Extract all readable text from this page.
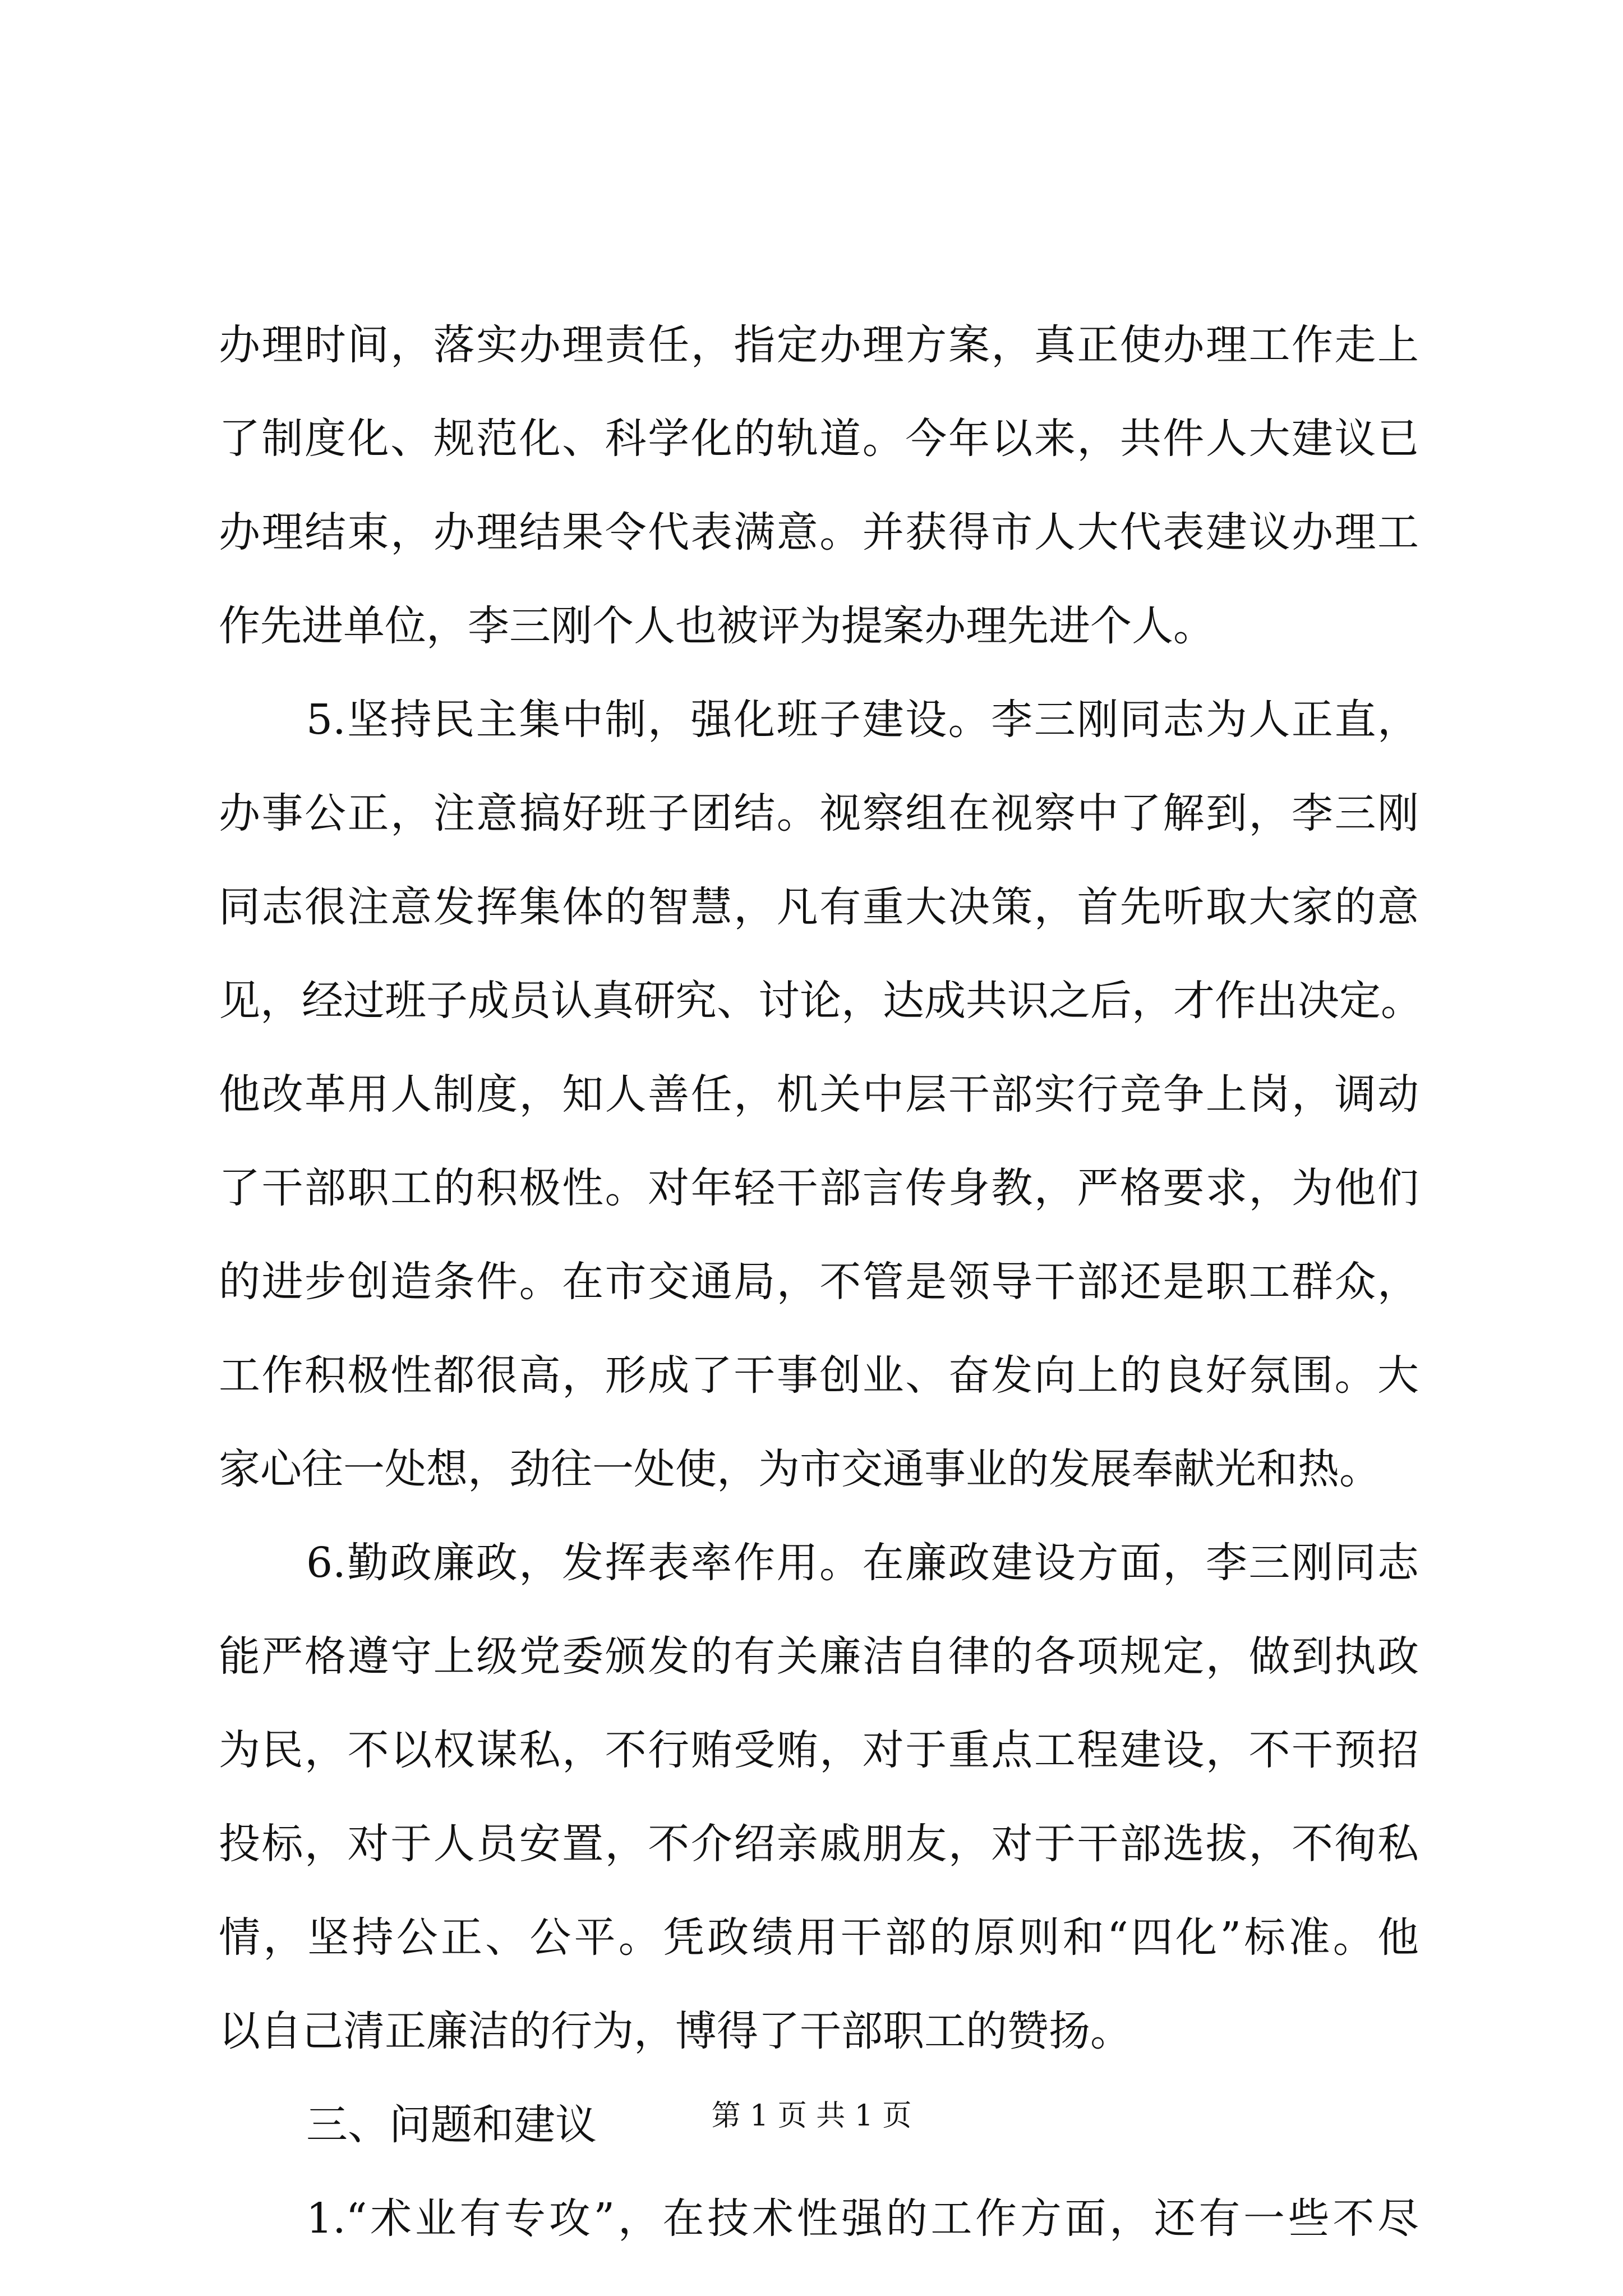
办理时间，落实办理责任，指定办理方案，真正使办理工作走上
了制度化、规范化、科学化的轨道。今年以来，共件人大建议已
办理结束，办理结果令代表满意。并获得市人大代表建议办理工
作先进单位，李三刚个人也被评为提案办理先进个人。
5.坚持民主集中制，强化班子建设。李三刚同志为人正直，
办事公正，注意搞好班子团结。视察组在视察中了解到，李三刚
同志很注意发挥集体的智慧，凡有重大决策，首先听取大家的意
见，经过班子成员认真研究、讨论，达成共识之后，才作出决定。
他改革用人制度，知人善任，机关中层干部实行竞争上岗，调动
了干部职工的积极性。对年轻干部言传身教，严格要求，为他们
的进步创造条件。在市交通局，不管是领导干部还是职工群众，
工作积极性都很高，形成了干事创业、奋发向上的良好氛围。大
家心往一处想，劲往一处使，为市交通事业的发展奉献光和热。
6.勤政廉政，发挥表率作用。在廉政建设方面，李三刚同志
能严格遵守上级党委颁发的有关廉洁自律的各项规定，做到执政
为民，不以权谋私，不行贿受贿，对于重点工程建设，不干预招
投标，对于人员安置，不介绍亲戚朋友，对于干部选拔，不徇私
情，坚持公正、公平。凭政绩用干部的原则和“四化”标准。他
以自己清正廉洁的行为，博得了干部职工的赞扬。
三、问题和建议
1.“术业有专攻”，在技术性强的工作方面，还有一些不尽
第 1 页 共 1 页
